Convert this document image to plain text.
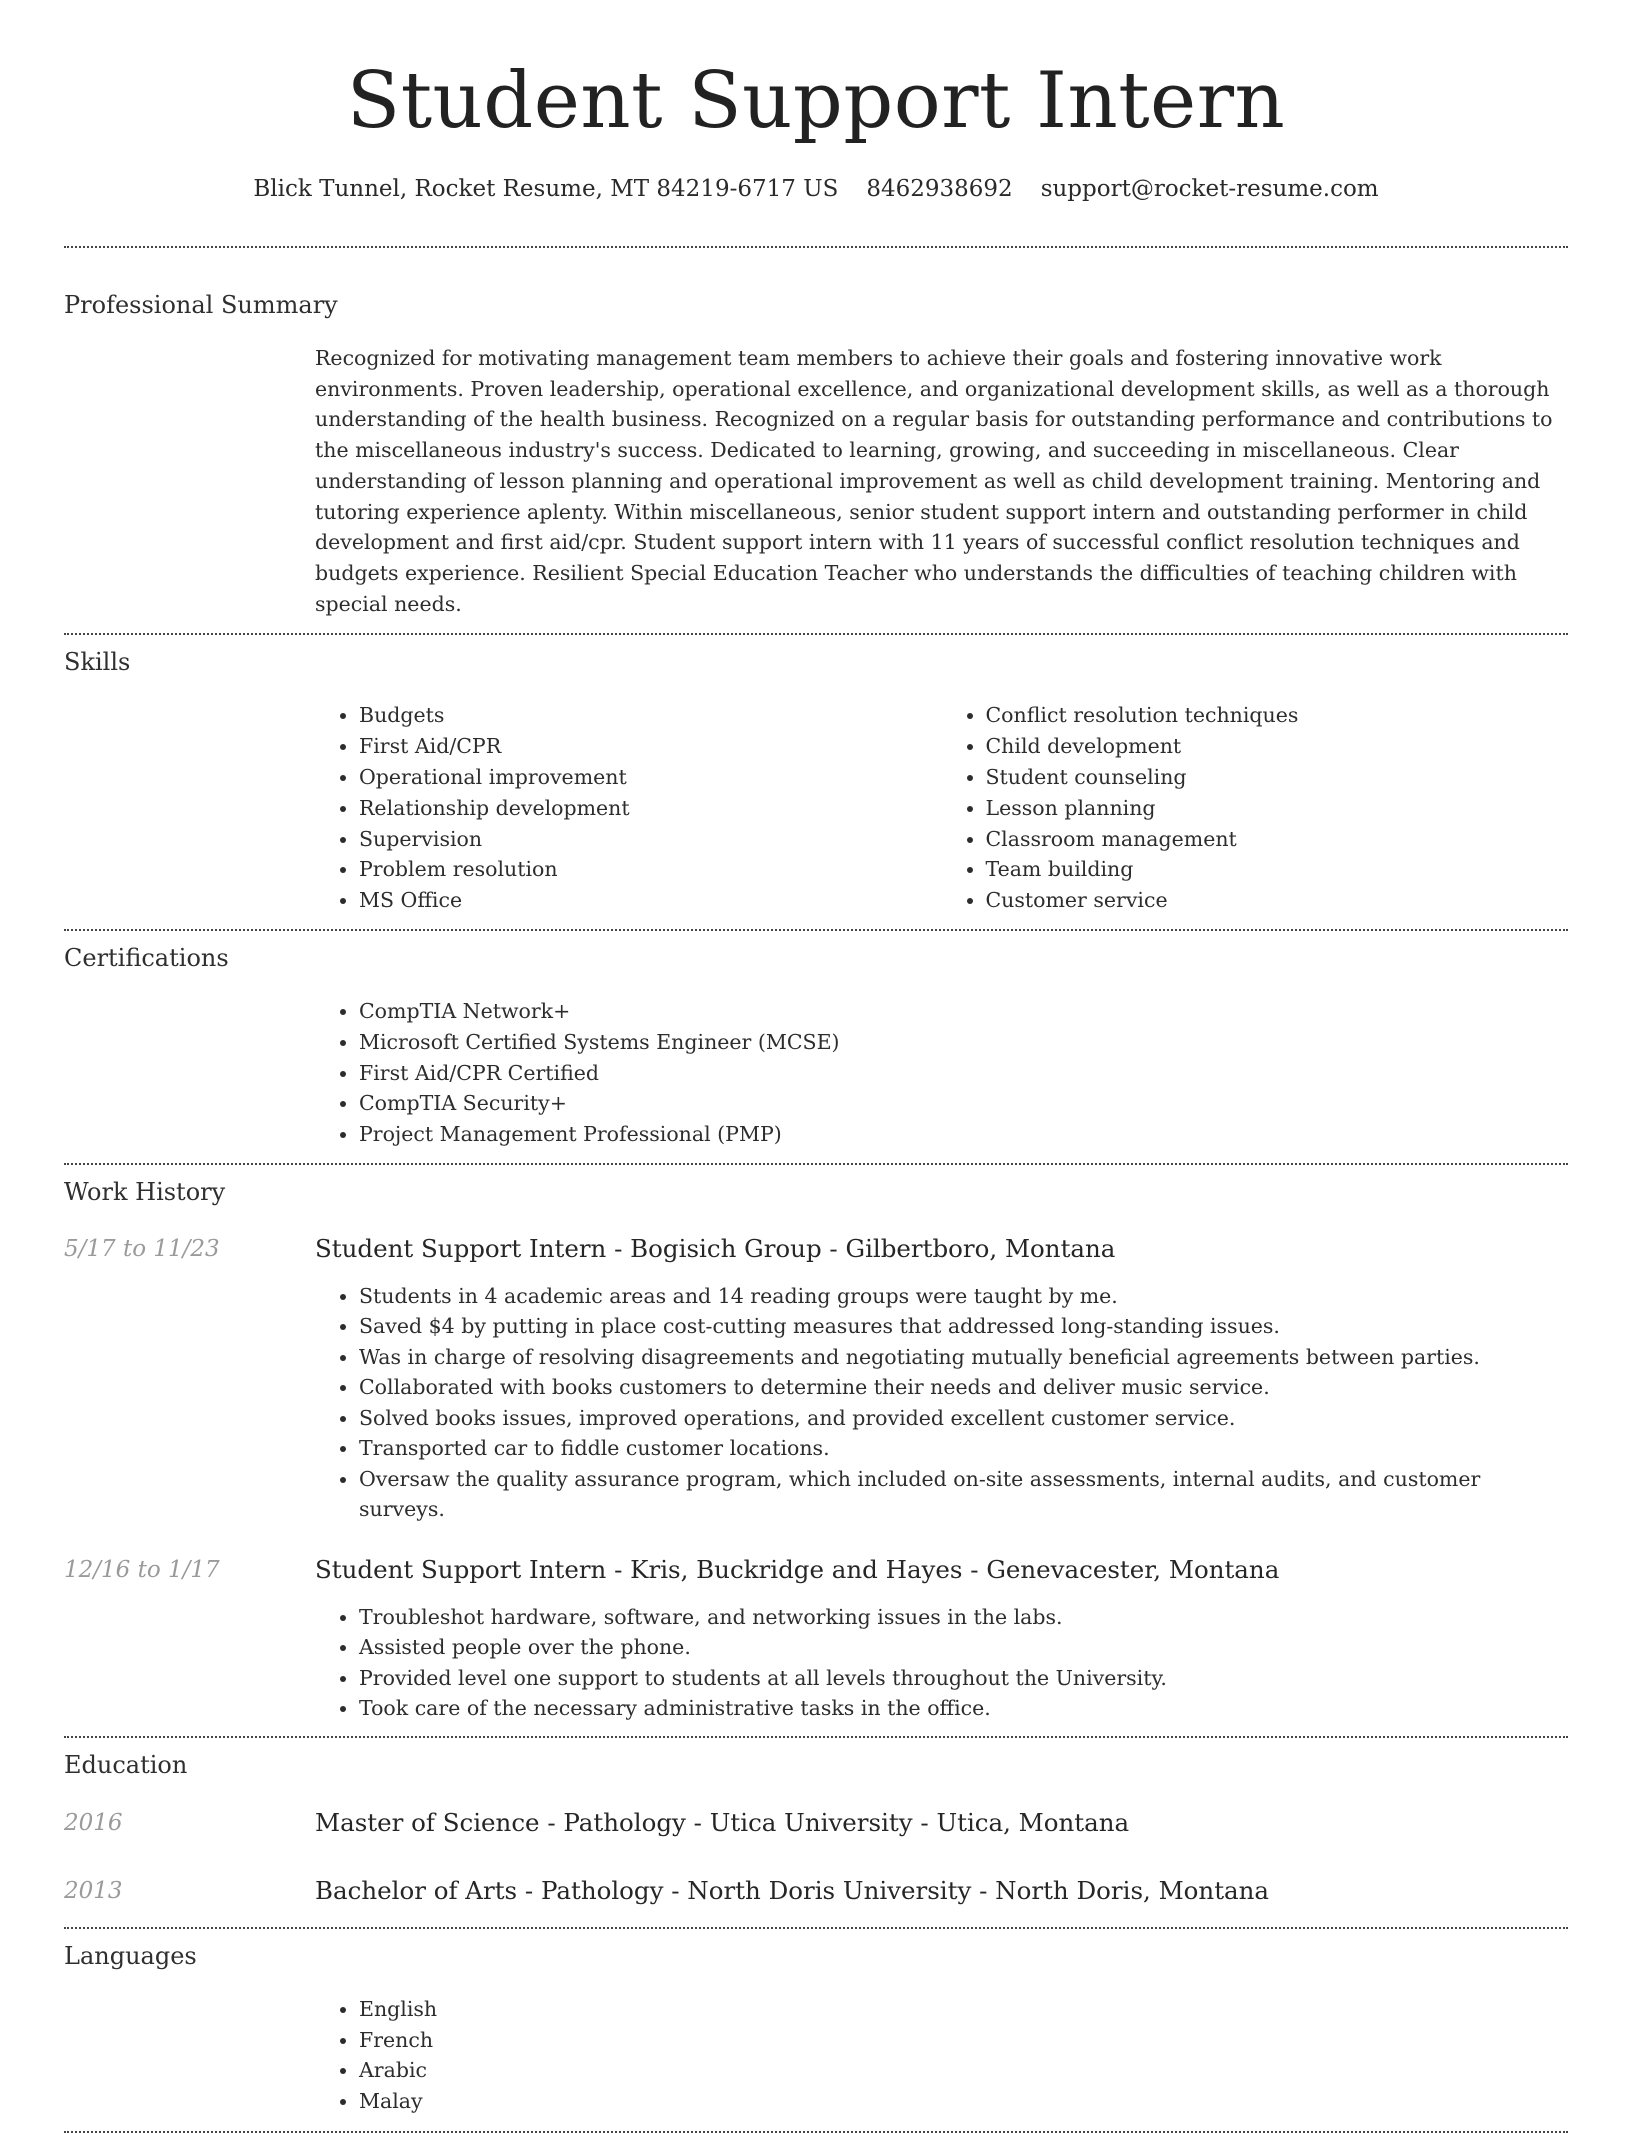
Student Support Intern
Blick Tunnel, Rocket Resume, MT 84219-6717 US 8462938692 support@rocket-resume.com
Professional Summary
Recognized for motivating management team members to achieve their goals and fostering innovative work environments. Proven leadership, operational excellence, and organizational development skills, as well as a thorough understanding of the health business. Recognized on a regular basis for outstanding performance and contributions to the miscellaneous industry's success. Dedicated to learning, growing, and succeeding in miscellaneous. Clear understanding of lesson planning and operational improvement as well as child development training. Mentoring and tutoring experience aplenty. Within miscellaneous, senior student support intern and outstanding performer in child development and first aid/cpr. Student support intern with 11 years of successful conflict resolution techniques and budgets experience. Resilient Special Education Teacher who understands the difficulties of teaching children with special needs.
Skills
• Budgets
• First Aid/CPR
• Operational improvement
• Relationship development
• Supervision
• Problem resolution
• MS Office
• Conflict resolution techniques
• Child development
• Student counseling
• Lesson planning
• Classroom management
• Team building
• Customer service
Certifications
• CompTIA Network+
• Microsoft Certified Systems Engineer (MCSE)
• First Aid/CPR Certified
• CompTIA Security+
• Project Management Professional (PMP)
Work History
5/17 to 11/23	Student Support Intern - Bogisich Group - Gilbertboro, Montana
• Students in 4 academic areas and 14 reading groups were taught by me.
• Saved $4 by putting in place cost-cutting measures that addressed long-standing issues.
• Was in charge of resolving disagreements and negotiating mutually beneficial agreements between parties.
• Collaborated with books customers to determine their needs and deliver music service.
• Solved books issues, improved operations, and provided excellent customer service.
• Transported car to fiddle customer locations.
• Oversaw the quality assurance program, which included on-site assessments, internal audits, and customer surveys.
12/16 to 1/17	Student Support Intern - Kris, Buckridge and Hayes - Genevacester, Montana
• Troubleshot hardware, software, and networking issues in the labs.
• Assisted people over the phone.
• Provided level one support to students at all levels throughout the University.
• Took care of the necessary administrative tasks in the office.
Education
2016	Master of Science - Pathology - Utica University - Utica, Montana
2013	Bachelor of Arts - Pathology - North Doris University - North Doris, Montana
Languages
• English
• French
• Arabic
• Malay
